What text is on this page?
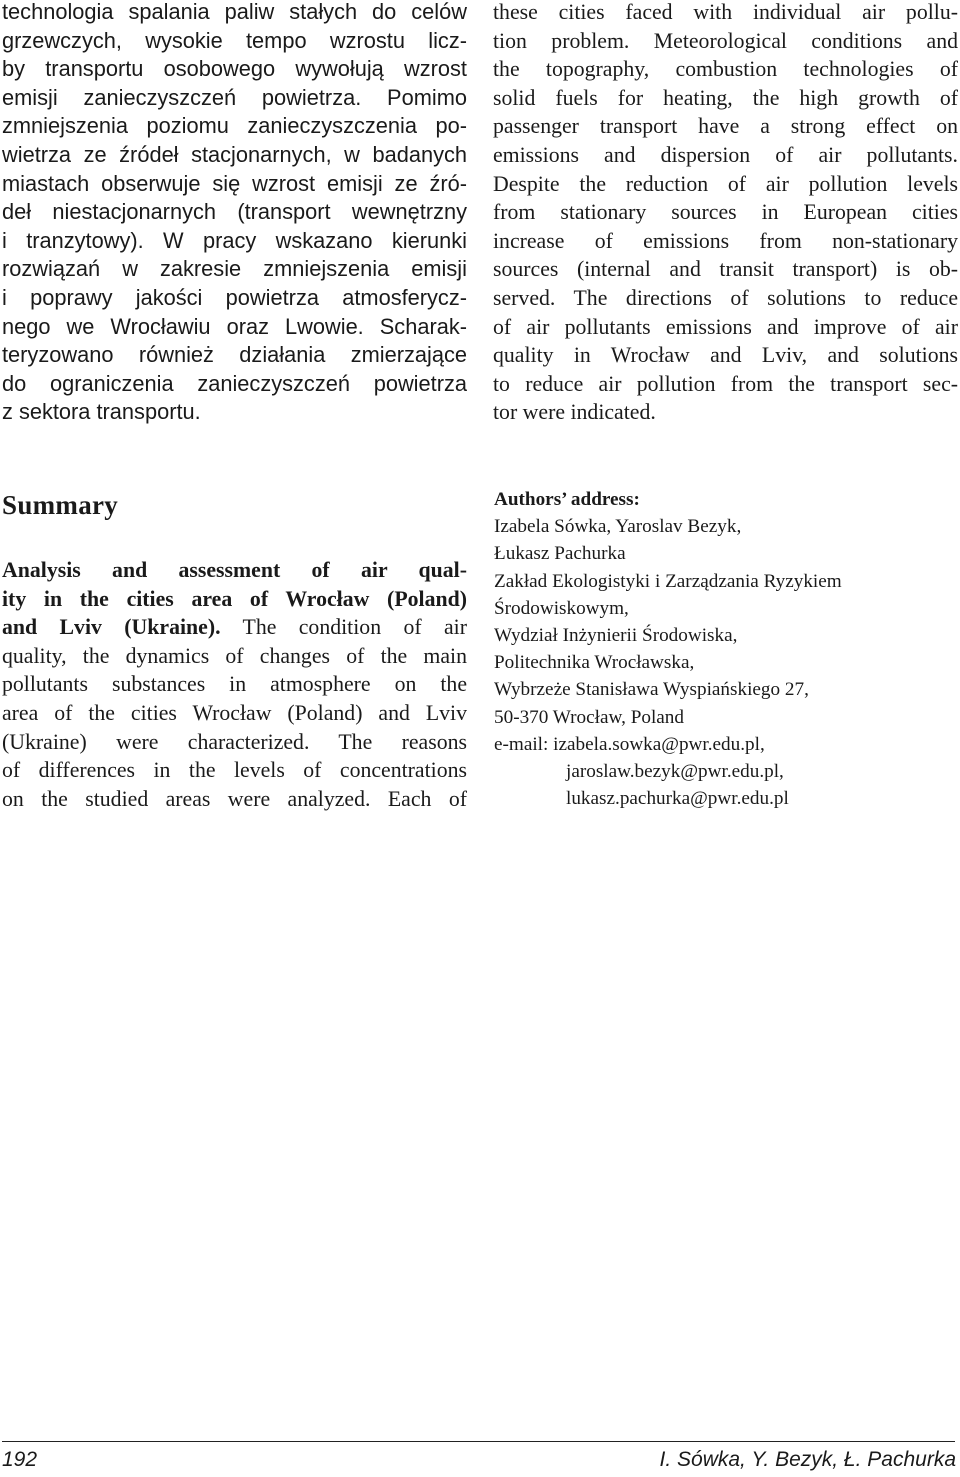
technologia spalania paliw stałych do celów
grzewczych, wysokie tempo wzrostu licz-
by transportu osobowego wywołują wzrost
emisji zanieczyszczeń powietrza. Pomimo
zmniejszenia poziomu zanieczyszczenia po-
wietrza ze źródeł stacjonarnych, w badanych
miastach obserwuje się wzrost emisji ze źró-
deł niestacjonarnych (transport wewnętrzny
i tranzytowy). W pracy wskazano kierunki
rozwiązań w zakresie zmniejszenia emisji
i poprawy jakości powietrza atmosferycz-
nego we Wrocławiu oraz Lwowie. Scharak-
teryzowano również działania zmierzające
do ograniczenia zanieczyszczeń powietrza
z sektora transportu.
these cities faced with individual air pollu-
tion problem. Meteorological conditions and
the topography, combustion technologies of
solid fuels for heating, the high growth of
passenger transport have a strong effect on
emissions and dispersion of air pollutants.
Despite the reduction of air pollution levels
from stationary sources in European cities
increase of emissions from non-stationary
sources (internal and transit transport) is ob-
served. The directions of solutions to reduce
of air pollutants emissions and improve of air
quality in Wrocław and Lviv, and solutions
to reduce air pollution from the transport sec-
tor were indicated.
Summary
Analysis and assessment of air qual-
ity in the cities area of Wrocław (Poland)
and Lviv (Ukraine). The condition of air
quality, the dynamics of changes of the main
pollutants substances in atmosphere on the
area of the cities Wrocław (Poland) and Lviv
(Ukraine) were characterized. The reasons
of differences in the levels of concentrations
on the studied areas were analyzed. Each of
Authors’ address:
Izabela Sówka, Yaroslav Bezyk,
Łukasz Pachurka
Zakład Ekologistyki i Zarządzania Ryzykiem
Środowiskowym,
Wydział Inżynierii Środowiska,
Politechnika Wrocławska,
Wybrzeże Stanisława Wyspiańskiego 27,
50-370 Wrocław, Poland
e-mail: izabela.sowka@pwr.edu.pl,
jaroslaw.bezyk@pwr.edu.pl,
lukasz.pachurka@pwr.edu.pl
192	I. Sówka, Y. Bezyk, Ł. Pachurka
